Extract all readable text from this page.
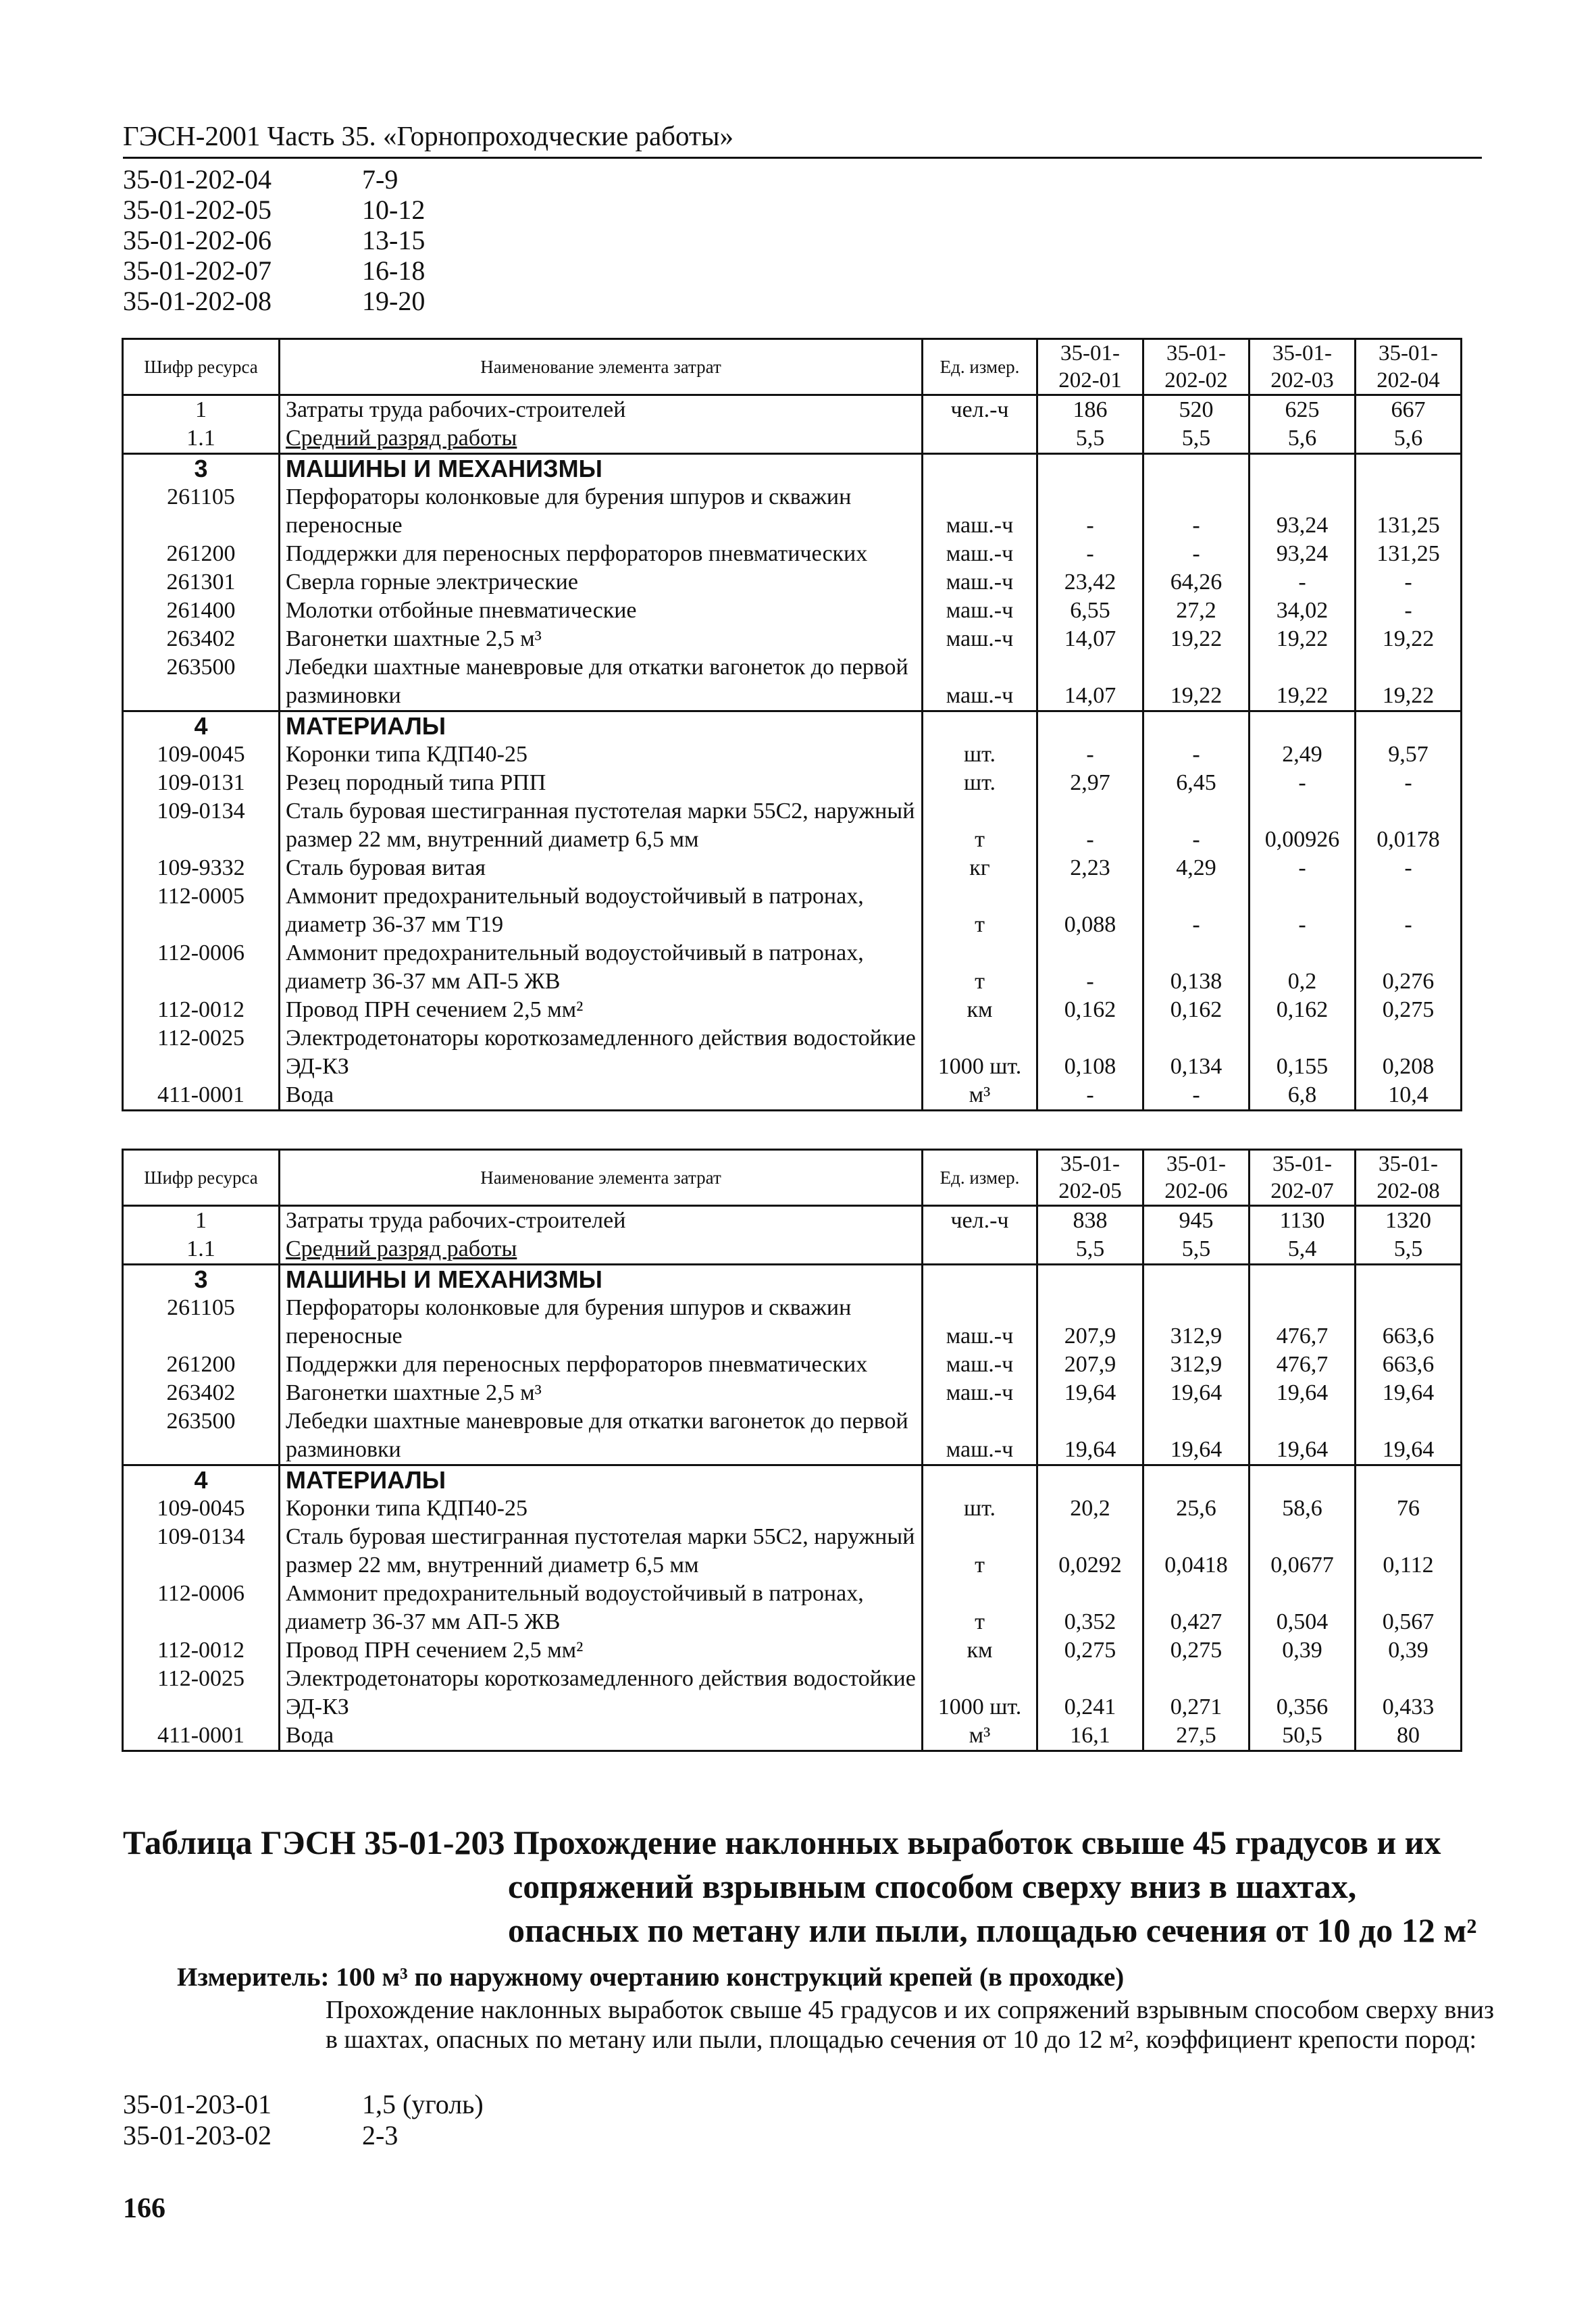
ГЭСН-2001 Часть 35. «Горнопроходческие работы»
35-01-202-04	7-9
35-01-202-05	10-12
35-01-202-06	13-15
35-01-202-07	16-18
35-01-202-08	19-20
Шифр ресурса	Наименование элемента затрат	Ед. измер.	35-01-202-01	35-01-202-02	35-01-202-03	35-01-202-04
1	Затраты труда рабочих-строителей	чел.-ч	186	520	625	667
1.1	Средний разряд работы		5,5	5,5	5,6	5,6
3	МАШИНЫ И МЕХАНИЗМЫ					
261105	Перфораторы колонковые для бурения шпуров и скважин переносные	маш.-ч	-	-	93,24	131,25
261200	Поддержки для переносных перфораторов пневматических	маш.-ч	-	-	93,24	131,25
261301	Сверла горные электрические	маш.-ч	23,42	64,26	-	-
261400	Молотки отбойные пневматические	маш.-ч	6,55	27,2	34,02	-
263402	Вагонетки шахтные 2,5 м³	маш.-ч	14,07	19,22	19,22	19,22
263500	Лебедки шахтные маневровые для откатки вагонеток до первой разминовки	маш.-ч	14,07	19,22	19,22	19,22
4	МАТЕРИАЛЫ					
109-0045	Коронки типа КДП40-25	шт.	-	-	2,49	9,57
109-0131	Резец породный типа РПП	шт.	2,97	6,45	-	-
109-0134	Сталь буровая шестигранная пустотелая марки 55С2, наружный размер 22 мм, внутренний диаметр 6,5 мм	т	-	-	0,00926	0,0178
109-9332	Сталь буровая витая	кг	2,23	4,29	-	-
112-0005	Аммонит предохранительный водоустойчивый в патронах, диаметр 36-37 мм Т19	т	0,088	-	-	-
112-0006	Аммонит предохранительный водоустойчивый в патронах, диаметр 36-37 мм АП-5 ЖВ	т	-	0,138	0,2	0,276
112-0012	Провод ПРН сечением 2,5 мм²	км	0,162	0,162	0,162	0,275
112-0025	Электродетонаторы короткозамедленного действия водостойкие ЭД-КЗ	1000 шт.	0,108	0,134	0,155	0,208
411-0001	Вода	м³	-	-	6,8	10,4
Шифр ресурса	Наименование элемента затрат	Ед. измер.	35-01-202-05	35-01-202-06	35-01-202-07	35-01-202-08
1	Затраты труда рабочих-строителей	чел.-ч	838	945	1130	1320
1.1	Средний разряд работы		5,5	5,5	5,4	5,5
3	МАШИНЫ И МЕХАНИЗМЫ					
261105	Перфораторы колонковые для бурения шпуров и скважин переносные	маш.-ч	207,9	312,9	476,7	663,6
261200	Поддержки для переносных перфораторов пневматических	маш.-ч	207,9	312,9	476,7	663,6
263402	Вагонетки шахтные 2,5 м³	маш.-ч	19,64	19,64	19,64	19,64
263500	Лебедки шахтные маневровые для откатки вагонеток до первой разминовки	маш.-ч	19,64	19,64	19,64	19,64
4	МАТЕРИАЛЫ					
109-0045	Коронки типа КДП40-25	шт.	20,2	25,6	58,6	76
109-0134	Сталь буровая шестигранная пустотелая марки 55С2, наружный размер 22 мм, внутренний диаметр 6,5 мм	т	0,0292	0,0418	0,0677	0,112
112-0006	Аммонит предохранительный водоустойчивый в патронах, диаметр 36-37 мм АП-5 ЖВ	т	0,352	0,427	0,504	0,567
112-0012	Провод ПРН сечением 2,5 мм²	км	0,275	0,275	0,39	0,39
112-0025	Электродетонаторы короткозамедленного действия водостойкие ЭД-КЗ	1000 шт.	0,241	0,271	0,356	0,433
411-0001	Вода	м³	16,1	27,5	50,5	80
Таблица ГЭСН 35-01-203 Прохождение наклонных выработок свыше 45 градусов и их
сопряжений взрывным способом сверху вниз в шахтах, опасных по метану или пыли, площадью сечения от 10 до 12 м²
Измеритель: 100 м³ по наружному очертанию конструкций крепей (в проходке)
Прохождение наклонных выработок свыше 45 градусов и их сопряжений взрывным способом сверху вниз в шахтах, опасных по метану или пыли, площадью сечения от 10 до 12 м², коэффициент крепости пород:
35-01-203-01	1,5 (уголь)
35-01-203-02	2-3
166
